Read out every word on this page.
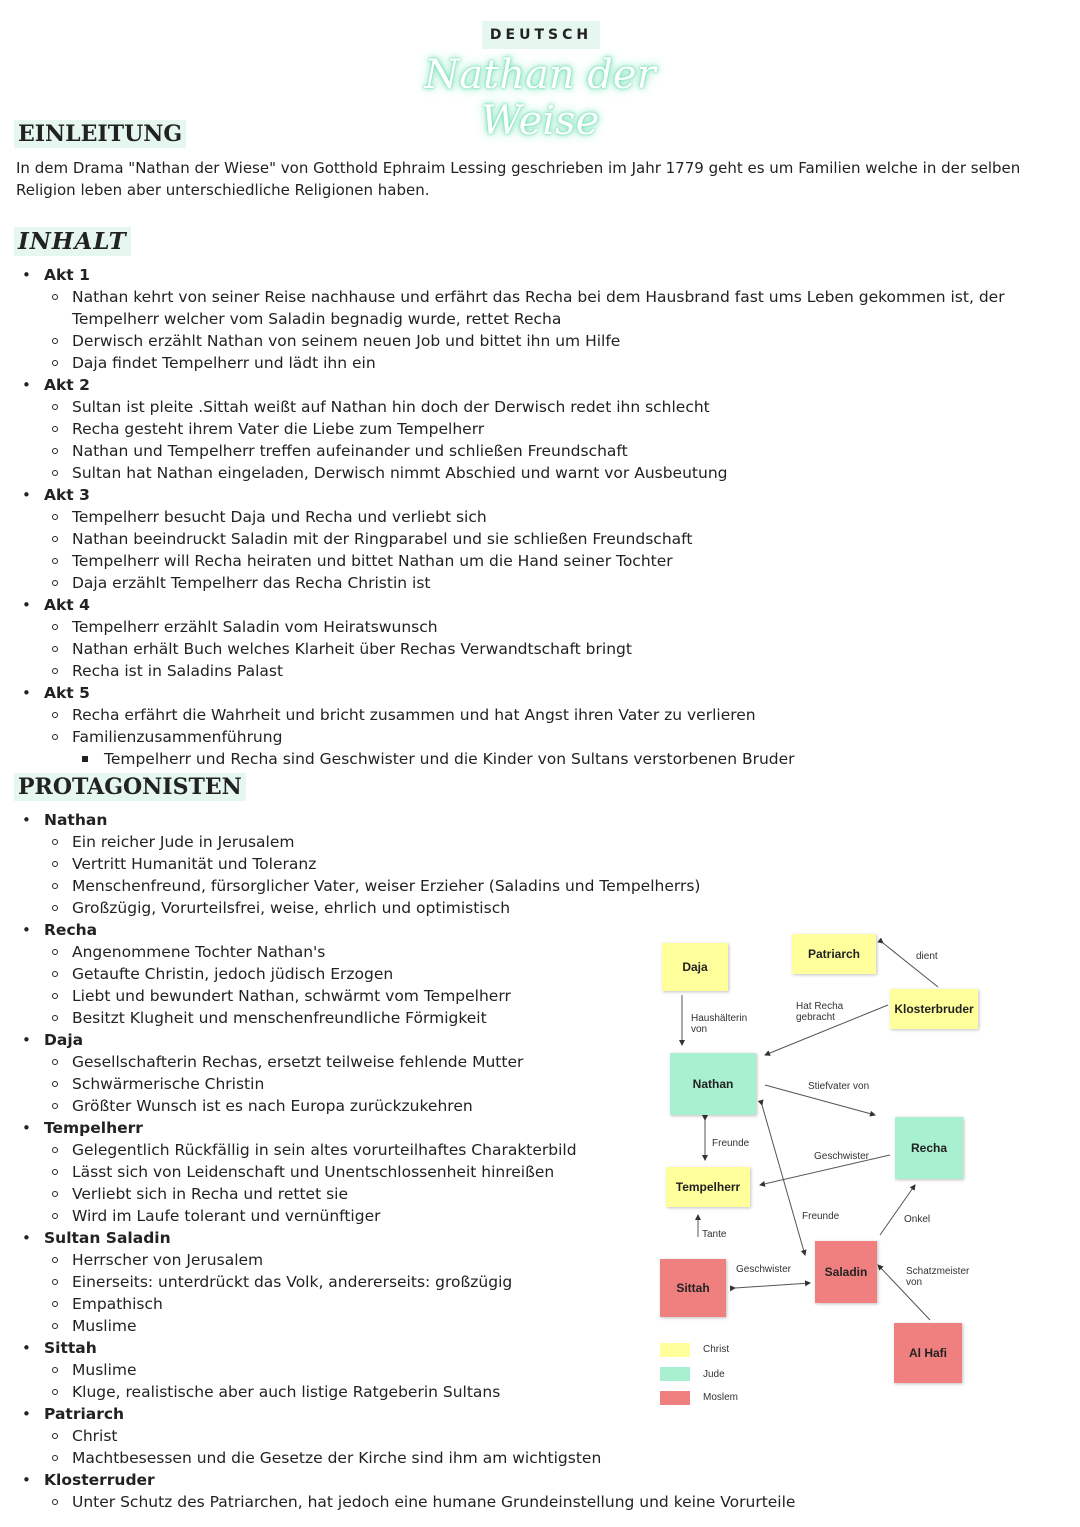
DEUTSCH
Nathan der Weise
EINLEITUNG
In dem Drama "Nathan der Wiese" von Gotthold Ephraim Lessing geschrieben im Jahr 1779 geht es um Familien welche in der selben Religion leben aber unterschiedliche Religionen haben.
INHALT
• Akt 1
Nathan kehrt von seiner Reise nachhause und erfährt das Recha bei dem Hausbrand fast ums Leben gekommen ist, der Tempelherr welcher vom Saladin begnadig wurde, rettet Recha
Derwisch erzählt Nathan von seinem neuen Job und bittet ihn um Hilfe
Daja findet Tempelherr und lädt ihn ein
• Akt 2
Sultan ist pleite .Sittah weißt auf Nathan hin doch der Derwisch redet ihn schlecht
Recha gesteht ihrem Vater die Liebe zum Tempelherr
Nathan und Tempelherr treffen aufeinander und schließen Freundschaft
Sultan hat Nathan eingeladen, Derwisch nimmt Abschied und warnt vor Ausbeutung
• Akt 3
Tempelherr besucht Daja und Recha und verliebt sich
Nathan beeindruckt Saladin mit der Ringparabel und sie schließen Freundschaft
Tempelherr will Recha heiraten und bittet Nathan um die Hand seiner Tochter
Daja erzählt Tempelherr das Recha Christin ist
• Akt 4
Tempelherr erzählt Saladin vom Heiratswunsch
Nathan erhält Buch welches Klarheit über Rechas Verwandtschaft bringt
Recha ist in Saladins Palast
• Akt 5
Recha erfährt die Wahrheit und bricht zusammen und hat Angst ihren Vater zu verlieren
Familienzusammenführung
Tempelherr und Recha sind Geschwister und die Kinder von Sultans verstorbenen Bruder
PROTAGONISTEN
• Nathan
Ein reicher Jude in Jerusalem
Vertritt Humanität und Toleranz
Menschenfreund, fürsorglicher Vater, weiser Erzieher (Saladins und Tempelherrs)
Großzügig, Vorurteilsfrei, weise, ehrlich und optimistisch
• Recha
Angenommene Tochter Nathan's
Getaufte Christin, jedoch jüdisch Erzogen
Liebt und bewundert Nathan, schwärmt vom Tempelherr
Besitzt Klugheit und menschenfreundliche Förmigkeit
• Daja
Gesellschafterin Rechas, ersetzt teilweise fehlende Mutter
Schwärmerische Christin
Größter Wunsch ist es nach Europa zurückzukehren
• Tempelherr
Gelegentlich Rückfällig in sein altes vorurteilhaftes Charakterbild
Lässt sich von Leidenschaft und Unentschlossenheit hinreißen
Verliebt sich in Recha und rettet sie
Wird im Laufe tolerant und vernünftiger
• Sultan Saladin
Herrscher von Jerusalem
Einerseits: unterdrückt das Volk, andererseits: großzügig
Empathisch
Muslime
• Sittah
Muslime
Kluge, realistische aber auch listige Ratgeberin Sultans
• Patriarch
Christ
Machtbesessen und die Gesetze der Kirche sind ihm am wichtigsten
• Klosterruder
Unter Schutz des Patriarchen, hat jedoch eine humane Grundeinstellung und keine Vorurteile
Daja
Patriarch
Klosterbruder
Nathan
Recha
Tempelherr
Saladin
Sittah
Al Hafi
dient
Hat Recha gebracht
Haushälterin von
Stiefvater von
Freunde
Geschwister
Freunde	Onkel
Tante
Geschwister	Schatzmeister von
Christ
Jude
Moslem
